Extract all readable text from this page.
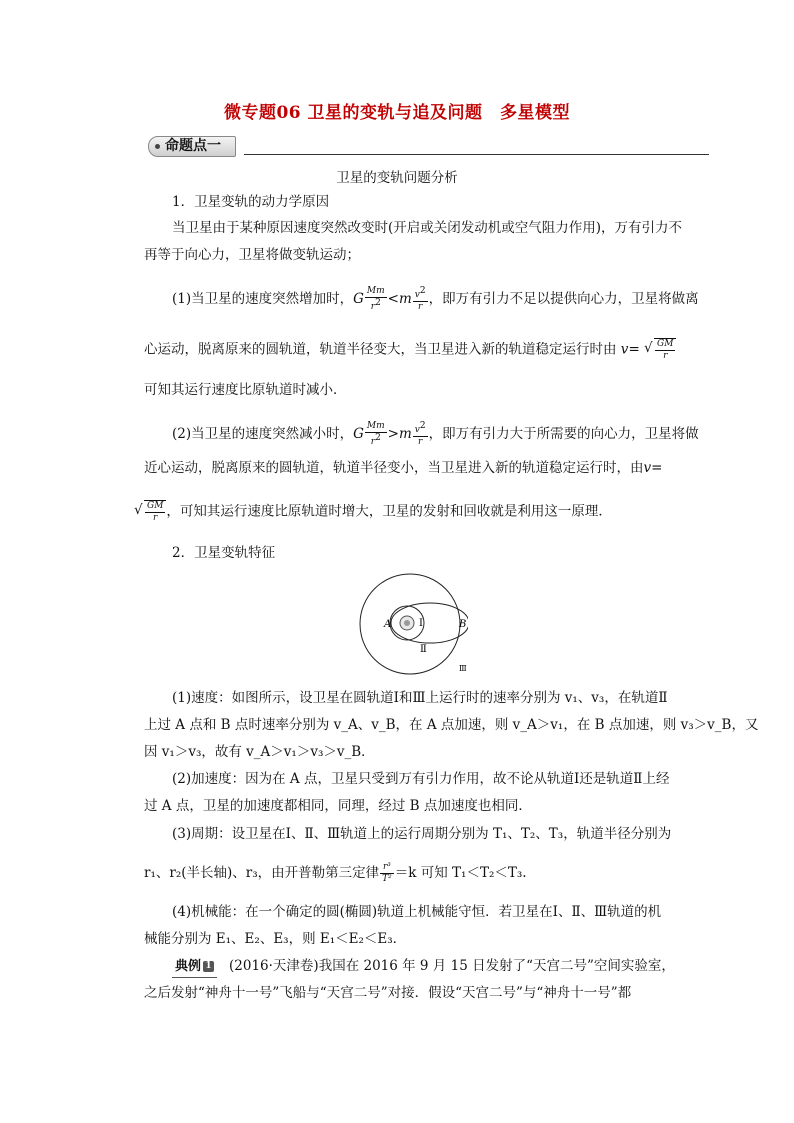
微专题06 卫星的变轨与追及问题　多星模型
命题点一
卫星的变轨问题分析
1．卫星变轨的动力学原因
当卫星由于某种原因速度突然改变时(开启或关闭发动机或空气阻力作用)，万有引力不
再等于向心力，卫星将做变轨运动；
(1)当卫星的速度突然增加时，G $\frac{Mm}{r^2} <m \frac{v^2}{r}$ ，即万有引力不足以提供向心力，卫星将做离
心运动，脱离原来的圆轨道，轨道半径变大，当卫星进入新的轨道稳定运行时由 v= √ $\frac{GM}{r}$
可知其运行速度比原轨道时减小．
(2)当卫星的速度突然减小时，G $\frac{Mm}{r^2} >m \frac{v^2}{r}$ ，即万有引力大于所需要的向心力，卫星将做
近心运动，脱离原来的圆轨道，轨道半径变小，当卫星进入新的轨道稳定运行时，由v=
√ $\frac{GM}{r}$ ，可知其运行速度比原轨道时增大，卫星的发射和回收就是利用这一原理．
2．卫星变轨特征
A	B
Ⅰ
Ⅱ
Ⅲ
(1)速度：如图所示，设卫星在圆轨道Ⅰ和Ⅲ上运行时的速率分别为 v₁、v₃，在轨道Ⅱ
上过 A 点和 B 点时速率分别为 v_A、v_B，在 A 点加速，则 v_A＞v₁，在 B 点加速，则 v₃＞v_B，又
因 v₁＞v₃，故有 v_A＞v₁＞v₃＞v_B．
(2)加速度：因为在 A 点，卫星只受到万有引力作用，故不论从轨道Ⅰ还是轨道Ⅱ上经
过 A 点，卫星的加速度都相同，同理，经过 B 点加速度也相同．
(3)周期：设卫星在Ⅰ、Ⅱ、Ⅲ轨道上的运行周期分别为 T₁、T₂、T₃，轨道半径分别为
r₁、r₂(半长轴)、r₃，由开普勒第三定律 $\frac{\text{r³}}{\text{T²}} =k$ 可知 T₁＜T₂＜T₃.
(4)机械能：在一个确定的圆(椭圆)轨道上机械能守恒．若卫星在Ⅰ、Ⅱ、Ⅲ轨道的机
械能分别为 E₁、E₂、E₃，则 E₁＜E₂＜E₃．
典例 1 (2016·天津卷)我国在 2016 年 9 月 15 日发射了“天宫二号”空间实验室，
之后发射“神舟十一号”飞船与“天宫二号”对接．假设“天宫二号”与“神舟十一号”都
